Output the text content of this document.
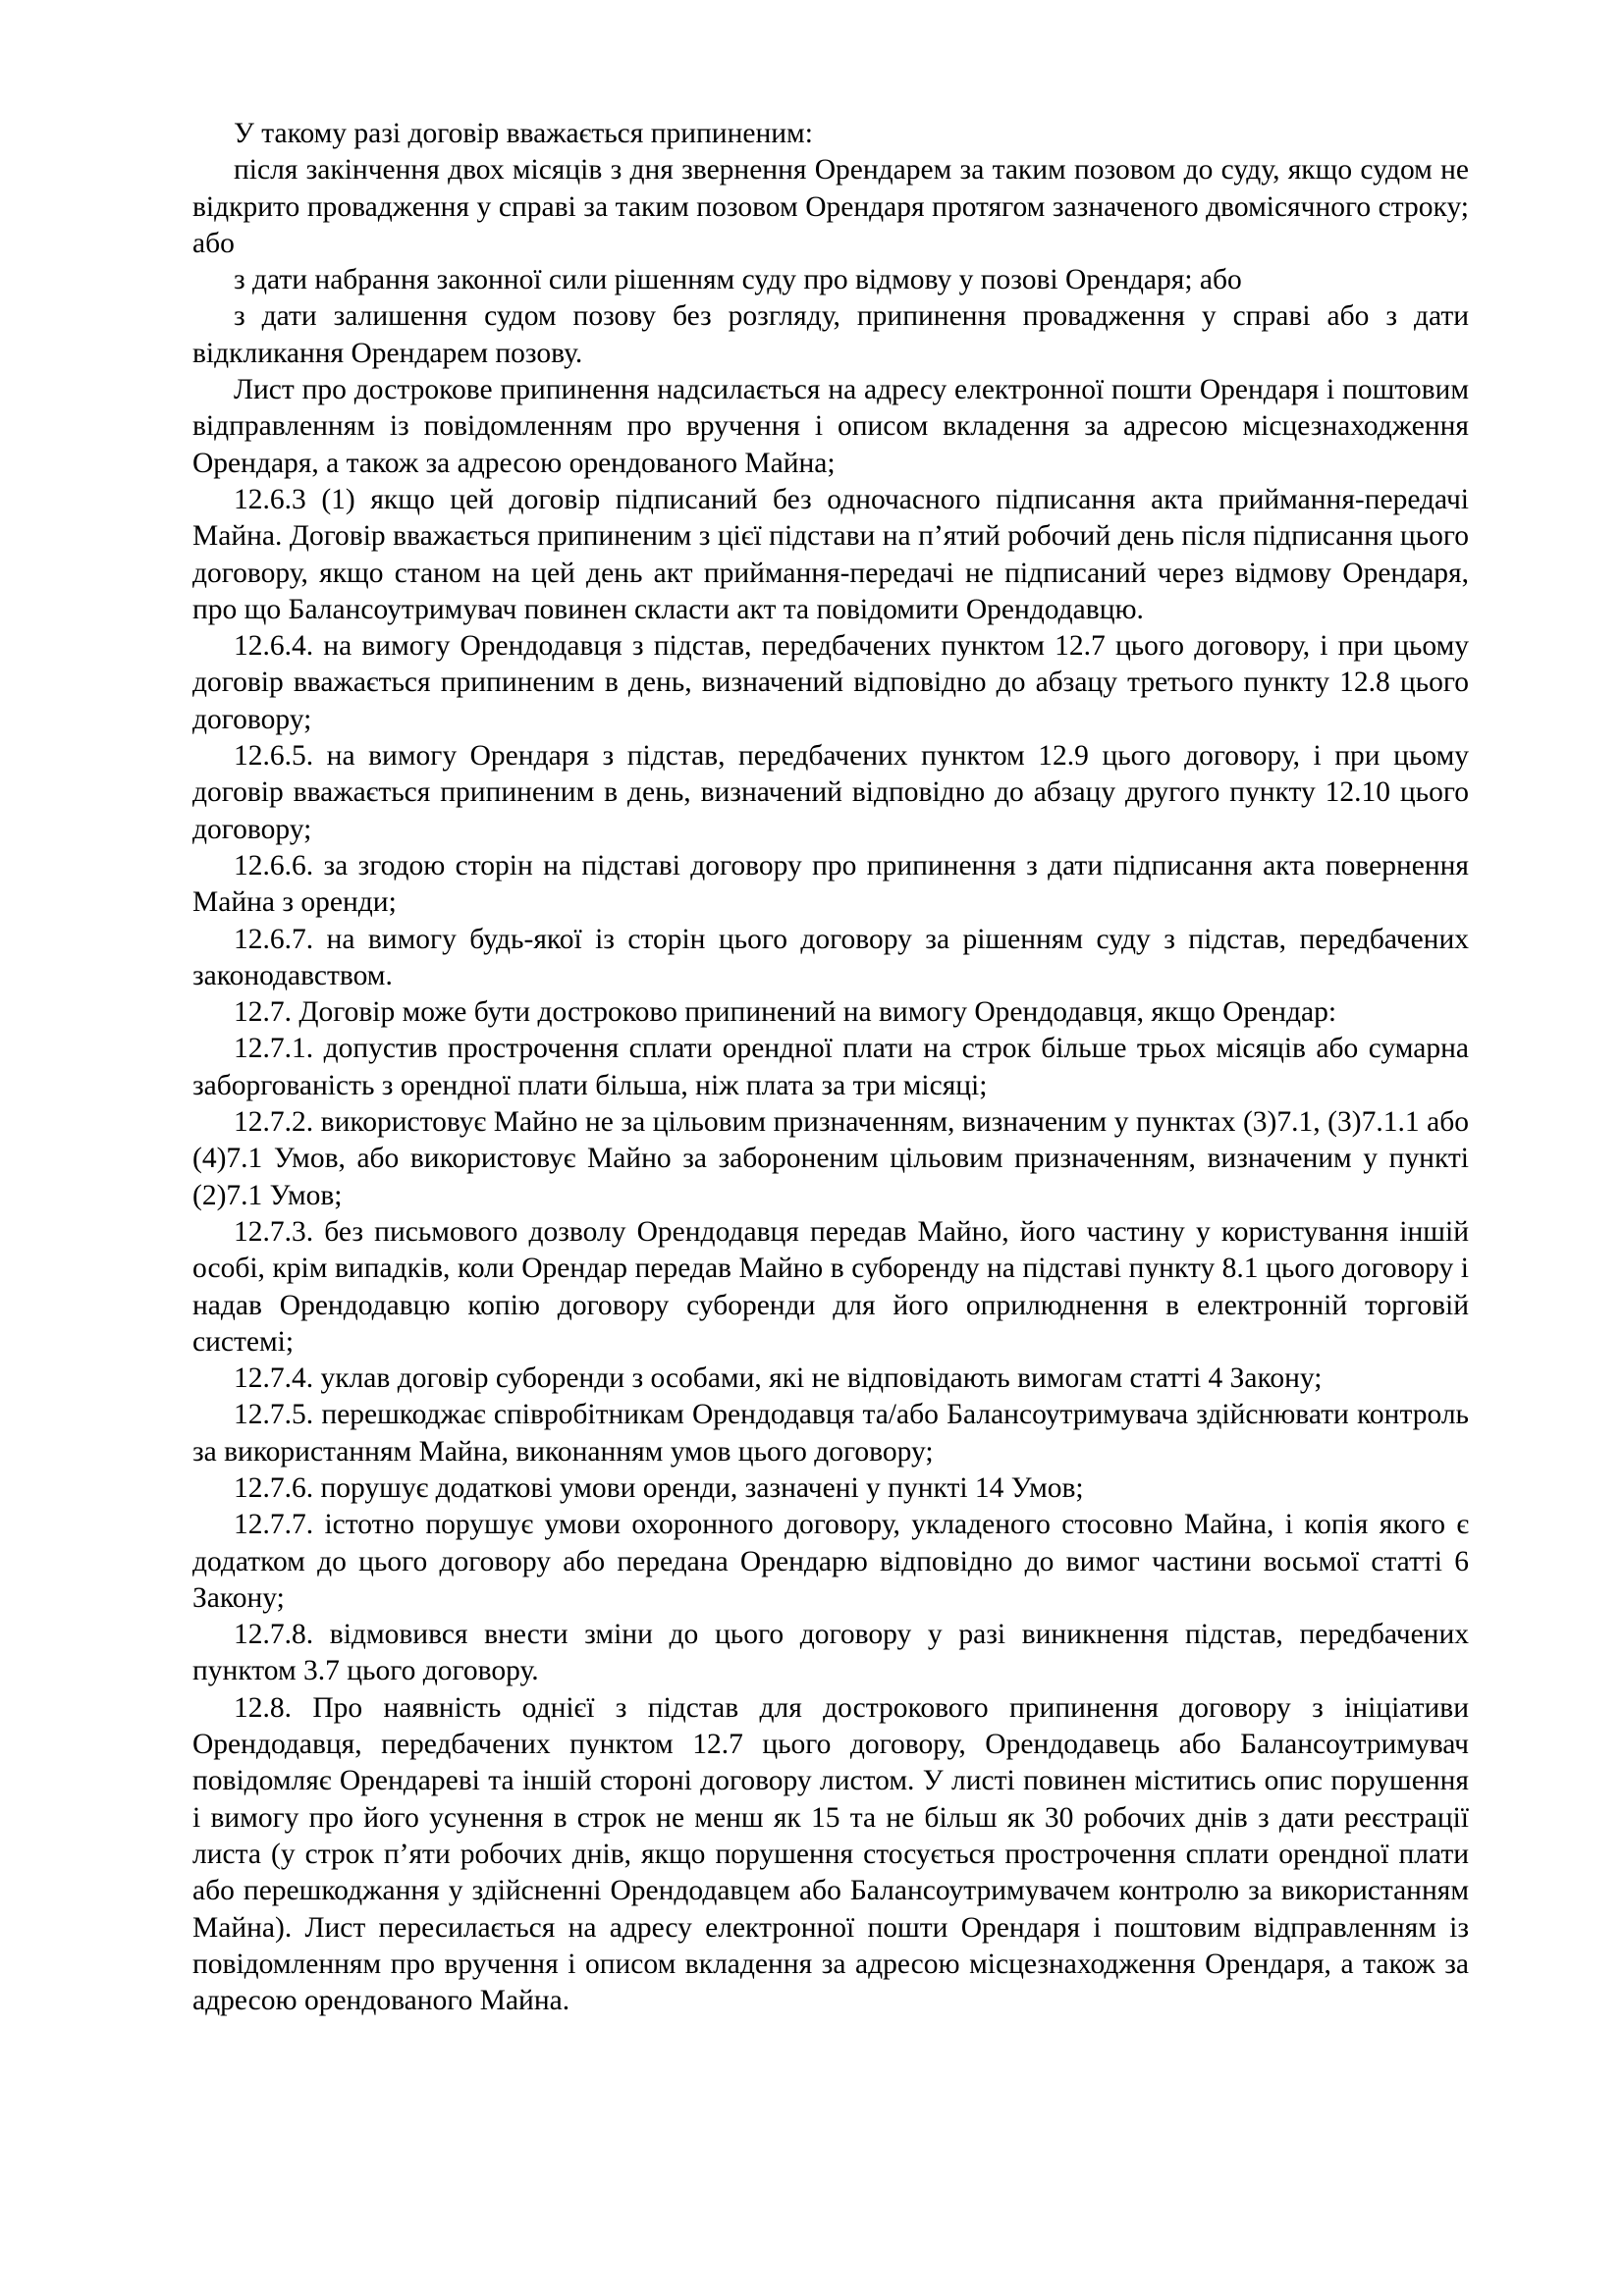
У такому разі договір вважається припиненим:

після закінчення двох місяців з дня звернення Орендарем за таким позовом до суду, якщо судом не відкрито провадження у справі за таким позовом Орендаря протягом зазначеного двомісячного строку; або

з дати набрання законної сили рішенням суду про відмову у позові Орендаря; або

з дати залишення судом позову без розгляду, припинення провадження у справі або з дати відкликання Орендарем позову.

Лист про дострокове припинення надсилається на адресу електронної пошти Орендаря і поштовим відправленням із повідомленням про вручення і описом вкладення за адресою місцезнаходження Орендаря, а також за адресою орендованого Майна;

12.6.3 (1) якщо цей договір підписаний без одночасного підписання акта приймання-передачі Майна. Договір вважається припиненим з цієї підстави на п’ятий робочий день після підписання цього договору, якщо станом на цей день акт приймання-передачі не підписаний через відмову Орендаря, про що Балансоутримувач повинен скласти акт та повідомити Орендодавцю.

12.6.4. на вимогу Орендодавця з підстав, передбачених пунктом 12.7 цього договору, і при цьому договір вважається припиненим в день, визначений відповідно до абзацу третього пункту 12.8 цього договору;

12.6.5. на вимогу Орендаря з підстав, передбачених пунктом 12.9 цього договору, і при цьому договір вважається припиненим в день, визначений відповідно до абзацу другого пункту 12.10 цього договору;

12.6.6. за згодою сторін на підставі договору про припинення з дати підписання акта повернення Майна з оренди;

12.6.7. на вимогу будь-якої із сторін цього договору за рішенням суду з підстав, передбачених законодавством.

12.7. Договір може бути достроково припинений на вимогу Орендодавця, якщо Орендар:

12.7.1. допустив прострочення сплати орендної плати на строк більше трьох місяців або сумарна заборгованість з орендної плати більша, ніж плата за три місяці;

12.7.2. використовує Майно не за цільовим призначенням, визначеним у пунктах (3)7.1, (3)7.1.1 або (4)7.1 Умов, або використовує Майно за забороненим цільовим призначенням, визначеним у пункті (2)7.1 Умов;

12.7.3. без письмового дозволу Орендодавця передав Майно, його частину у користування іншій особі, крім випадків, коли Орендар передав Майно в суборенду на підставі пункту 8.1 цього договору і надав Орендодавцю копію договору суборенди для його оприлюднення в електронній торговій системі;

12.7.4. уклав договір суборенди з особами, які не відповідають вимогам статті 4 Закону;

12.7.5. перешкоджає співробітникам Орендодавця та/або Балансоутримувача здійснювати контроль за використанням Майна, виконанням умов цього договору;

12.7.6. порушує додаткові умови оренди, зазначені у пункті 14 Умов;

12.7.7. істотно порушує умови охоронного договору, укладеного стосовно Майна, і копія якого є додатком до цього договору або передана Орендарю відповідно до вимог частини восьмої статті 6 Закону;

12.7.8. відмовився внести зміни до цього договору у разі виникнення підстав, передбачених пунктом 3.7 цього договору.

12.8. Про наявність однієї з підстав для дострокового припинення договору з ініціативи Орендодавця, передбачених пунктом 12.7 цього договору, Орендодавець або Балансоутримувач повідомляє Орендареві та іншій стороні договору листом. У листі повинен міститись опис порушення і вимогу про його усунення в строк не менш як 15 та не більш як 30 робочих днів з дати реєстрації листа (у строк п’яти робочих днів, якщо порушення стосується прострочення сплати орендної плати або перешкоджання у здійсненні Орендодавцем або Балансоутримувачем контролю за використанням Майна). Лист пересилається на адресу електронної пошти Орендаря і поштовим відправленням із повідомленням про вручення і описом вкладення за адресою місцезнаходження Орендаря, а також за адресою орендованого Майна.
